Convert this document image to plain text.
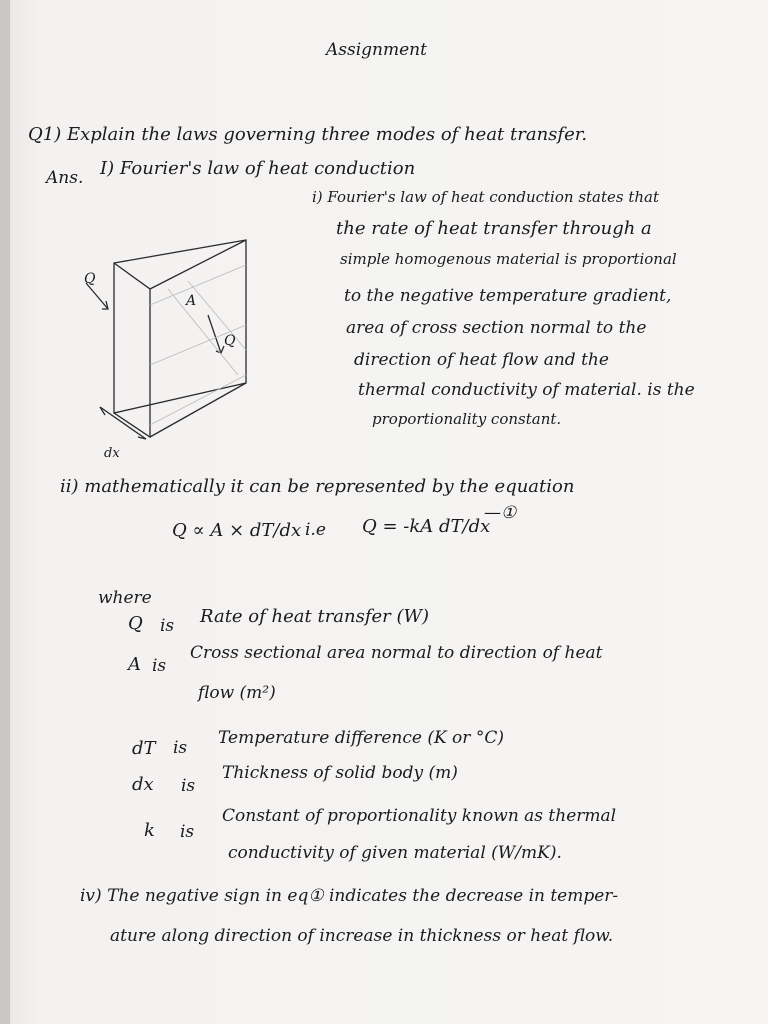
Assignment
Q1) Explain the laws governing three modes of heat transfer.
Ans. I) Fourier's law of heat conduction
i) Fourier's law of heat conduction states that
the rate of heat transfer through a
simple homogenous material is proportional
to the negative temperature gradient,
area of cross section normal to the
direction of heat flow and the
thermal conductivity of material. is the
proportionality constant.
Q
A
Q
dx
ii) mathematically it can be represented by the equation
Q ∝ A × dT/dx i.e Q = -kA dT/dx
—①
where
Q is Rate of heat transfer (W)
A is
Cross sectional area normal to direction of heat
flow (m²)
dT is Temperature difference (K or °C)
dx is
Thickness of solid body (m)
k is
Constant of proportionality known as thermal
conductivity of given material (W/mK).
iv) The negative sign in eq① indicates the decrease in temper-
ature along direction of increase in thickness or heat flow.
